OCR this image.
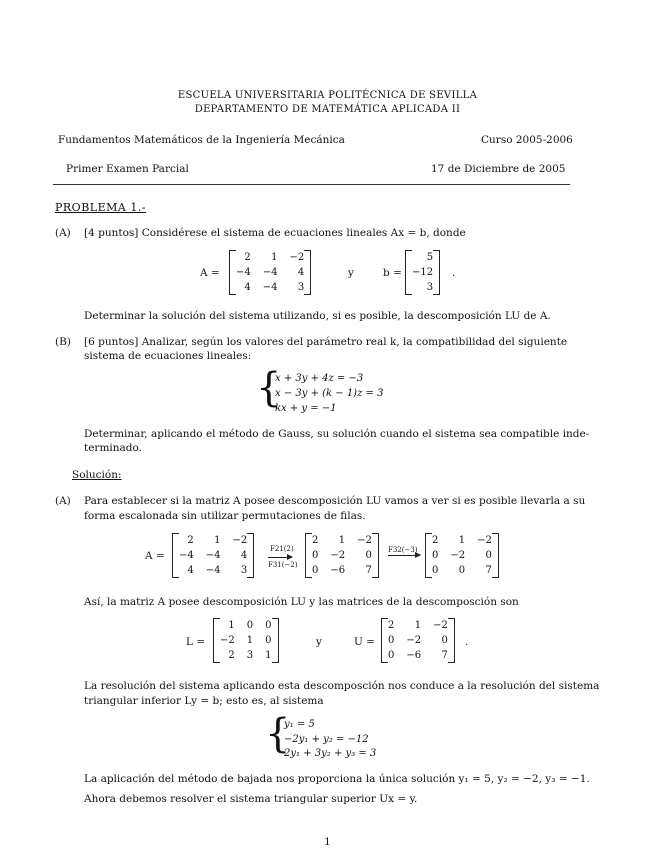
ESCUELA UNIVERSITARIA POLITÉCNICA DE SEVILLA
DEPARTAMENTO DE MATEMÁTICA APLICADA II
Fundamentos Matemáticos de la Ingeniería Mecánica	Curso 2005-2006
Primer Examen Parcial	17 de Diciembre de 2005
PROBLEMA 1.-
(A) [4 puntos] Considérese el sistema de ecuaciones lineales Ax = b, donde
A =
2	1	−2
−4	−4	4
4	−4	3
y	b =
5
−12
3
.
Determinar la solución del sistema utilizando, si es posible, la descomposición LU de A.
(B) [6 puntos] Analizar, según los valores del parámetro real k, la compatibilidad del siguiente
sistema de ecuaciones lineales:
{
x + 3y + 4z = −3
x − 3y + (k − 1)z = 3
kx + y = −1
Determinar, aplicando el método de Gauss, su solución cuando el sistema sea compatible inde-
terminado.
Solución:
(A) Para establecer si la matriz A posee descomposición LU vamos a ver si es posible llevarla a su
forma escalonada sin utilizar permutaciones de filas.
A =
2	1	−2
−4	−4	4
4	−4	3
F21(2)
F31(−2)
2	1	−2
0	−2	0
0	−6	7
F32(−3)
2	1	−2
0	−2	0
0	0	7
Así, la matriz A posee descomposición LU y las matrices de la descomposción son
L =
1	0	0
−2	1	0
2	3	1
y	U =
2	1	−2
0	−2	0
0	−6	7
.
La resolución del sistema aplicando esta descomposción nos conduce a la resolución del sistema
triangular inferior Ly = b; esto es, al sistema
{
y₁ = 5
−2y₁ + y₂ = −12
2y₁ + 3y₂ + y₃ = 3
La aplicación del método de bajada nos proporciona la única solución y₁ = 5, y₂ = −2, y₃ = −1.
Ahora debemos resolver el sistema triangular superior Ux = y.
1
